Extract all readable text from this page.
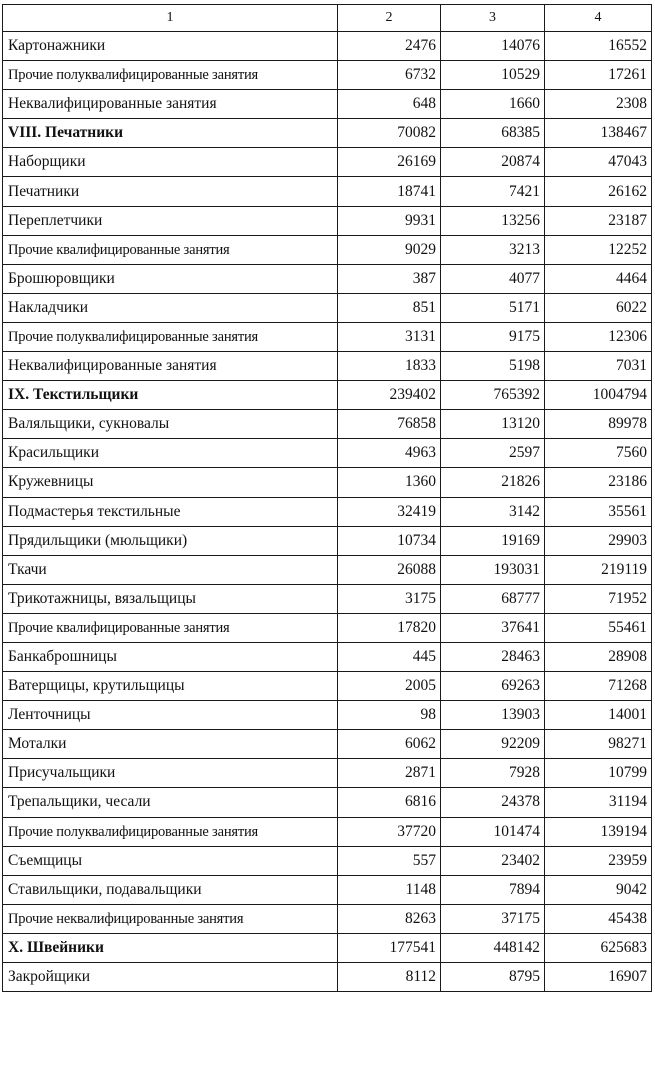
1	2	3	4
Картонажники	2476	14076	16552
Прочие полуквалифицированные занятия	6732	10529	17261
Неквалифицированные занятия	648	1660	2308
VIII. Печатники	70082	68385	138467
Наборщики	26169	20874	47043
Печатники	18741	7421	26162
Переплетчики	9931	13256	23187
Прочие квалифицированные занятия	9029	3213	12252
Брошюровщики	387	4077	4464
Накладчики	851	5171	6022
Прочие полуквалифицированные занятия	3131	9175	12306
Неквалифицированные занятия	1833	5198	7031
IX. Текстильщики	239402	765392	1004794
Валяльщики, сукновалы	76858	13120	89978
Красильщики	4963	2597	7560
Кружевницы	1360	21826	23186
Подмастерья текстильные	32419	3142	35561
Прядильщики (мюльщики)	10734	19169	29903
Ткачи	26088	193031	219119
Трикотажницы, вязальщицы	3175	68777	71952
Прочие квалифицированные занятия	17820	37641	55461
Банкаброшницы	445	28463	28908
Ватерщицы, крутильщицы	2005	69263	71268
Ленточницы	98	13903	14001
Моталки	6062	92209	98271
Присучальщики	2871	7928	10799
Трепальщики, чесали	6816	24378	31194
Прочие полуквалифицированные занятия	37720	101474	139194
Съемщицы	557	23402	23959
Ставильщики, подавальщики	1148	7894	9042
Прочие неквалифицированные занятия	8263	37175	45438
X. Швейники	177541	448142	625683
Закройщики	8112	8795	16907
